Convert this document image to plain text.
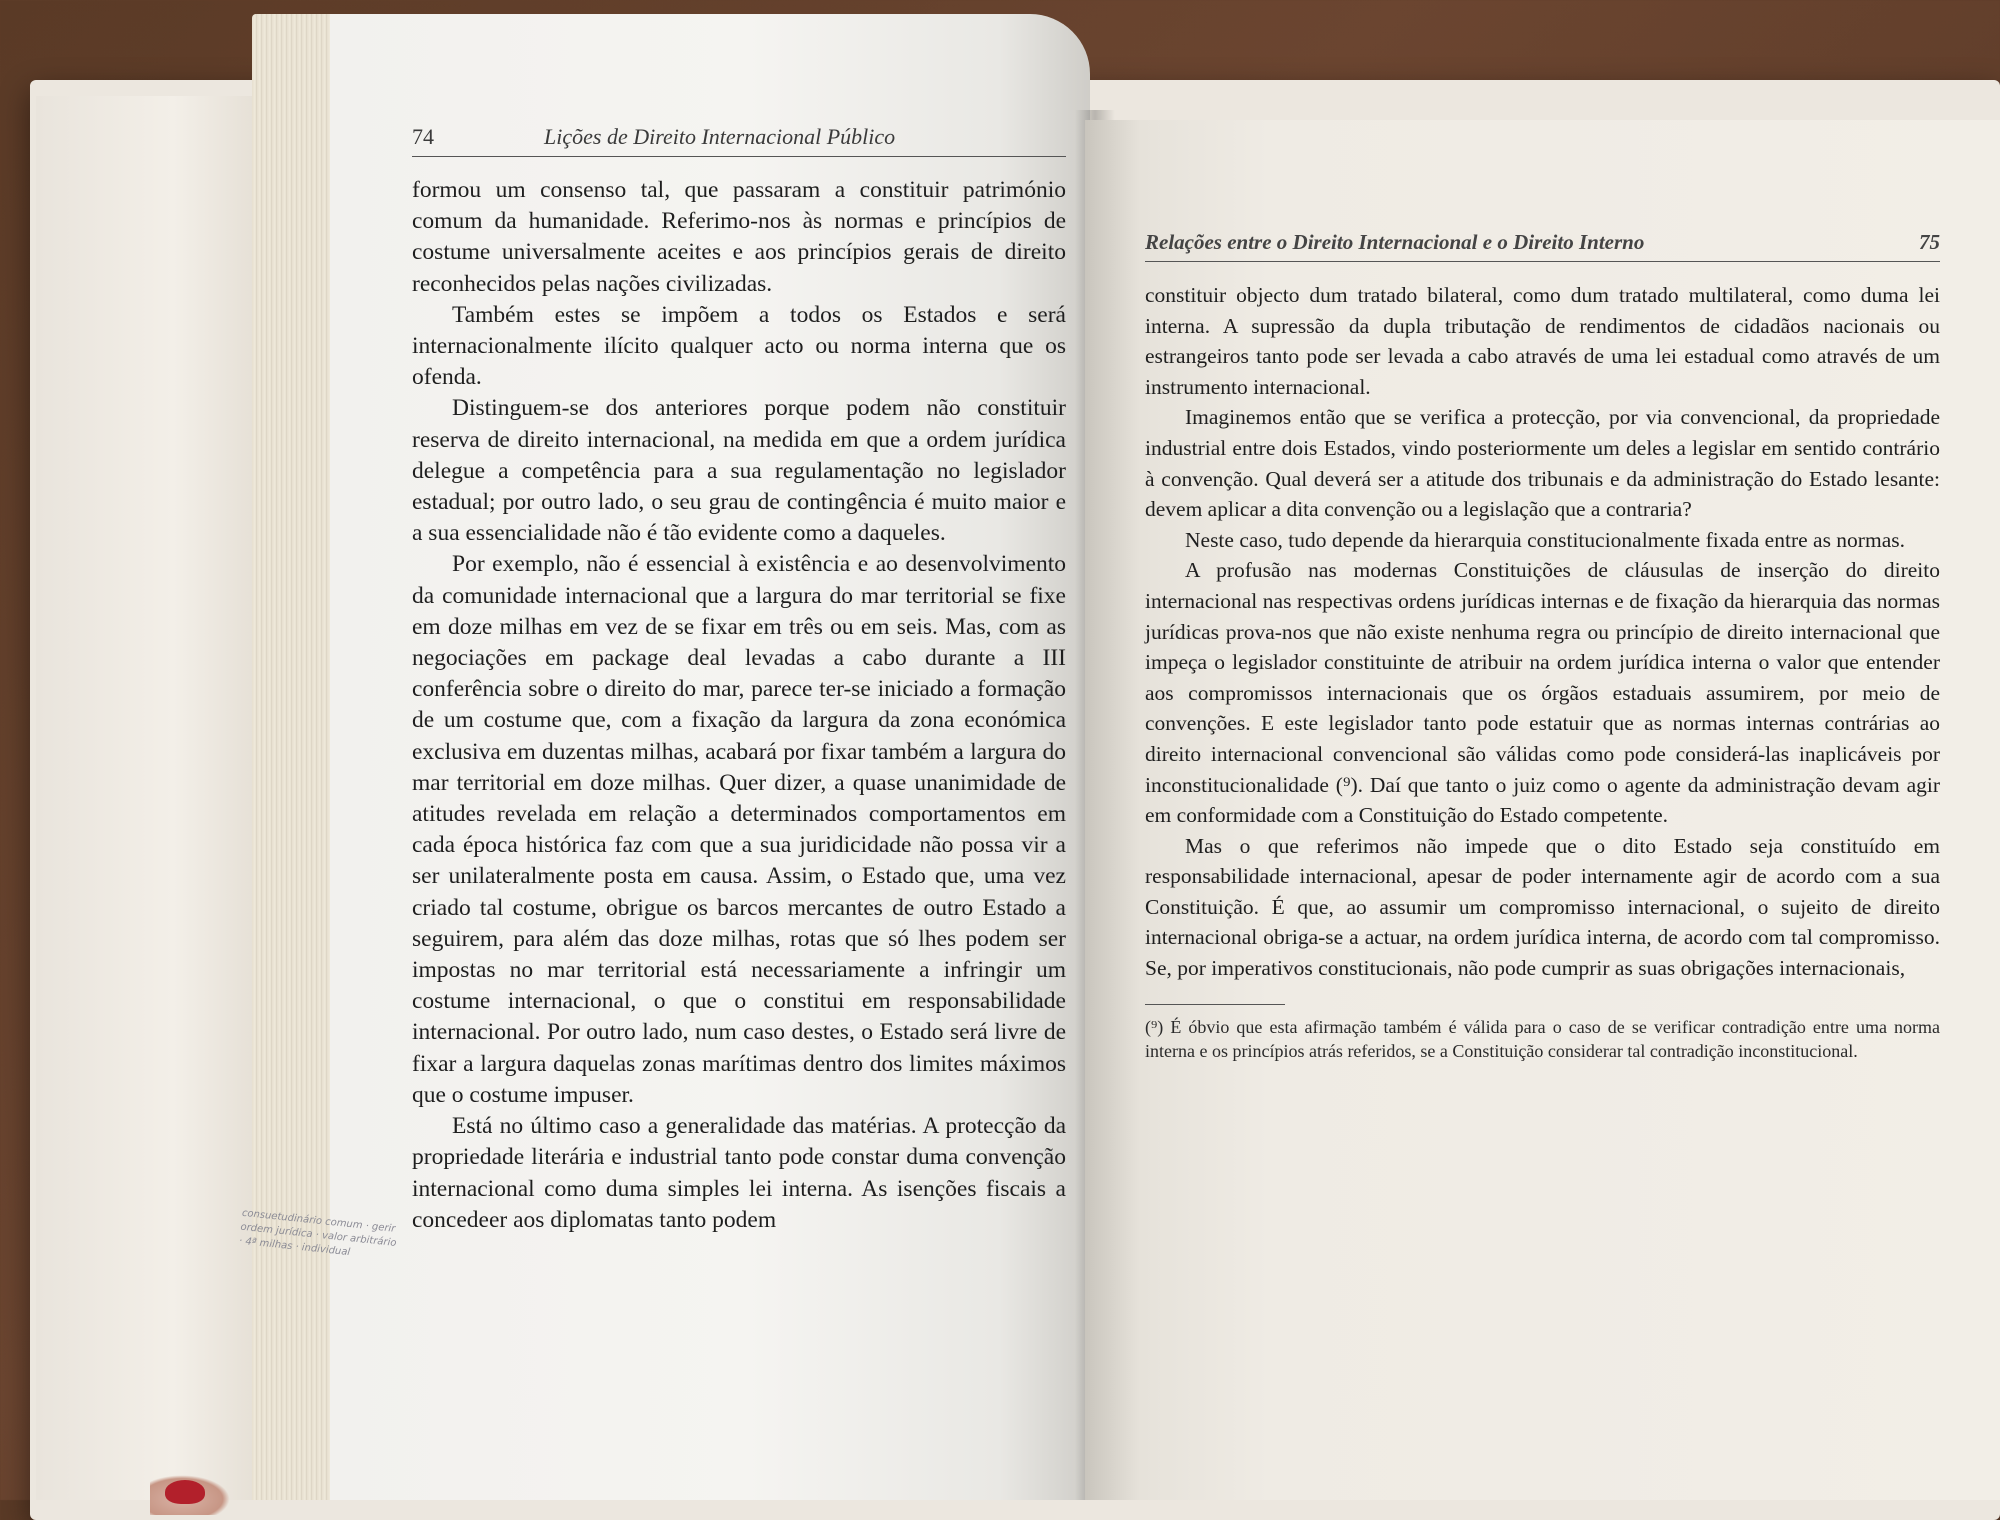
74	Lições de Direito Internacional Público

formou um consenso tal, que passaram a constituir património comum da humanidade. Referimo-nos às normas e princípios de costume universalmente aceites e aos princípios gerais de direito reconhecidos pelas nações civilizadas.

Também estes se impõem a todos os Estados e será internacionalmente ilícito qualquer acto ou norma interna que os ofenda.

Distinguem-se dos anteriores porque podem não constituir reserva de direito internacional, na medida em que a ordem jurídica delegue a competência para a sua regulamentação no legislador estadual; por outro lado, o seu grau de contingência é muito maior e a sua essencialidade não é tão evidente como a daqueles.

Por exemplo, não é essencial à existência e ao desenvolvimento da comunidade internacional que a largura do mar territorial se fixe em doze milhas em vez de se fixar em três ou em seis. Mas, com as negociações em package deal levadas a cabo durante a III conferência sobre o direito do mar, parece ter-se iniciado a formação de um costume que, com a fixação da largura da zona económica exclusiva em duzentas milhas, acabará por fixar também a largura do mar territorial em doze milhas. Quer dizer, a quase unanimidade de atitudes revelada em relação a determinados comportamentos em cada época histórica faz com que a sua juridicidade não possa vir a ser unilateralmente posta em causa. Assim, o Estado que, uma vez criado tal costume, obrigue os barcos mercantes de outro Estado a seguirem, para além das doze milhas, rotas que só lhes podem ser impostas no mar territorial está necessariamente a infringir um costume internacional, o que o constitui em responsabilidade internacional. Por outro lado, num caso destes, o Estado será livre de fixar a largura daquelas zonas marítimas dentro dos limites máximos que o costume impuser.

Está no último caso a generalidade das matérias. A protecção da propriedade literária e industrial tanto pode constar duma convenção internacional como duma simples lei interna. As isenções fiscais a concedeer aos diplomatas tanto podem

consuetudinário comum · gerir ordem jurídica · valor arbitrário · 4ª milhas · individual
Relações entre o Direito Internacional e o Direito Interno	75

constituir objecto dum tratado bilateral, como dum tratado multilateral, como duma lei interna. A supressão da dupla tributação de rendimentos de cidadãos nacionais ou estrangeiros tanto pode ser levada a cabo através de uma lei estadual como através de um instrumento internacional.

Imaginemos então que se verifica a protecção, por via convencional, da propriedade industrial entre dois Estados, vindo posteriormente um deles a legislar em sentido contrário à convenção. Qual deverá ser a atitude dos tribunais e da administração do Estado lesante: devem aplicar a dita convenção ou a legislação que a contraria?

Neste caso, tudo depende da hierarquia constitucionalmente fixada entre as normas.

A profusão nas modernas Constituições de cláusulas de inserção do direito internacional nas respectivas ordens jurídicas internas e de fixação da hierarquia das normas jurídicas prova-nos que não existe nenhuma regra ou princípio de direito internacional que impeça o legislador constituinte de atribuir na ordem jurídica interna o valor que entender aos compromissos internacionais que os órgãos estaduais assumirem, por meio de convenções. E este legislador tanto pode estatuir que as normas internas contrárias ao direito internacional convencional são válidas como pode considerá-las inaplicáveis por inconstitucionalidade (⁹). Daí que tanto o juiz como o agente da administração devam agir em conformidade com a Constituição do Estado competente.

Mas o que referimos não impede que o dito Estado seja constituído em responsabilidade internacional, apesar de poder internamente agir de acordo com a sua Constituição. É que, ao assumir um compromisso internacional, o sujeito de direito internacional obriga-se a actuar, na ordem jurídica interna, de acordo com tal compromisso. Se, por imperativos constitucionais, não pode cumprir as suas obrigações internacionais,

(⁹) É óbvio que esta afirmação também é válida para o caso de se verificar contradição entre uma norma interna e os princípios atrás referidos, se a Constituição considerar tal contradição inconstitucional.
